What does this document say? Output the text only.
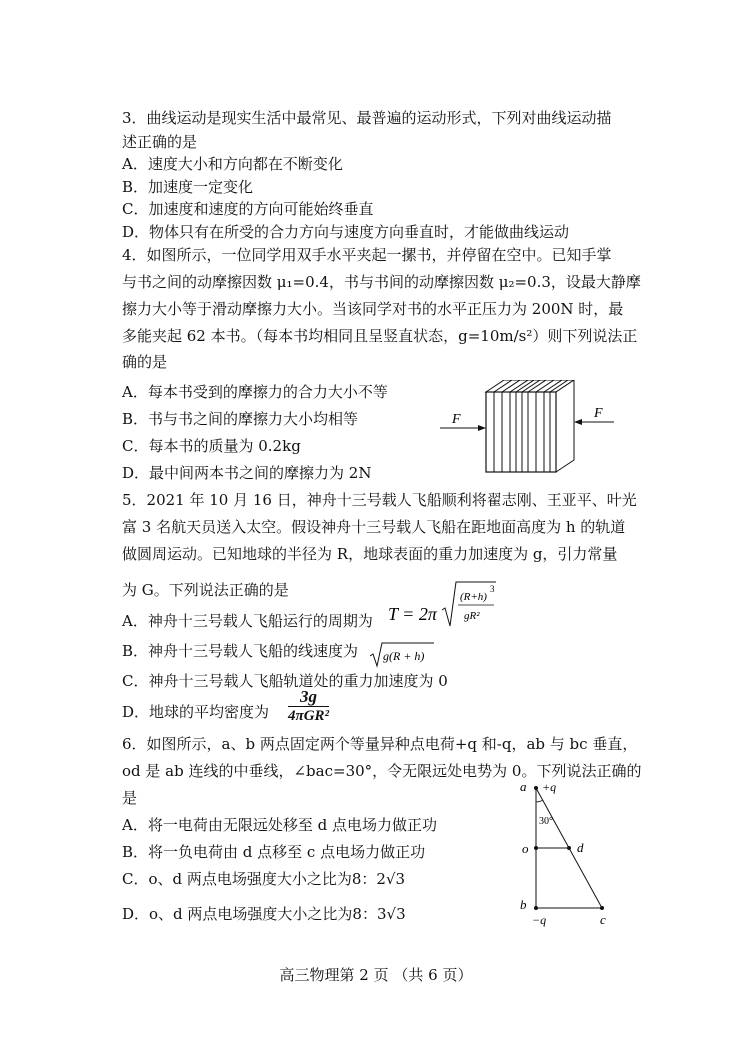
3．曲线运动是现实生活中最常见、最普遍的运动形式，下列对曲线运动描
述正确的是
A．速度大小和方向都在不断变化
B．加速度一定变化
C．加速度和速度的方向可能始终垂直
D．物体只有在所受的合力方向与速度方向垂直时，才能做曲线运动
4．如图所示，一位同学用双手水平夹起一摞书，并停留在空中。已知手掌
与书之间的动摩擦因数 μ₁=0.4，书与书间的动摩擦因数 μ₂=0.3，设最大静摩
擦力大小等于滑动摩擦力大小。当该同学对书的水平正压力为 200N 时，最
多能夹起 62 本书。（每本书均相同且呈竖直状态，g=10m/s²）则下列说法正
确的是
A．每本书受到的摩擦力的合力大小不等
B．书与书之间的摩擦力大小均相等
C．每本书的质量为 0.2kg
D．最中间两本书之间的摩擦力为 2N
F	F
5．2021 年 10 月 16 日，神舟十三号载人飞船顺利将翟志刚、王亚平、叶光
富 3 名航天员送入太空。假设神舟十三号载人飞船在距地面高度为 h 的轨道
做圆周运动。已知地球的半径为 R，地球表面的重力加速度为 g，引力常量
为 G。下列说法正确的是
A．神舟十三号载人飞船运行的周期为 T = 2π
(R+h)
3
gR²
B．神舟十三号载人飞船的线速度为 g(R + h)
C．神舟十三号载人飞船轨道处的重力加速度为 0
D．地球的平均密度为
3g
4πGR²
6．如图所示，a、b 两点固定两个等量异种点电荷+q 和-q，ab 与 bc 垂直，
od 是 ab 连线的中垂线，∠bac=30°，令无限远处电势为 0。下列说法正确的
是
A．将一电荷由无限远处移至 d 点电场力做正功
B．将一负电荷由 d 点移至 c 点电场力做正功
C．o、d 两点电场强度大小之比为8：2√3
D．o、d 两点电场强度大小之比为8：3√3
a +q
30°
o	d
b
−q	c
高三物理第 2 页 （共 6 页）
